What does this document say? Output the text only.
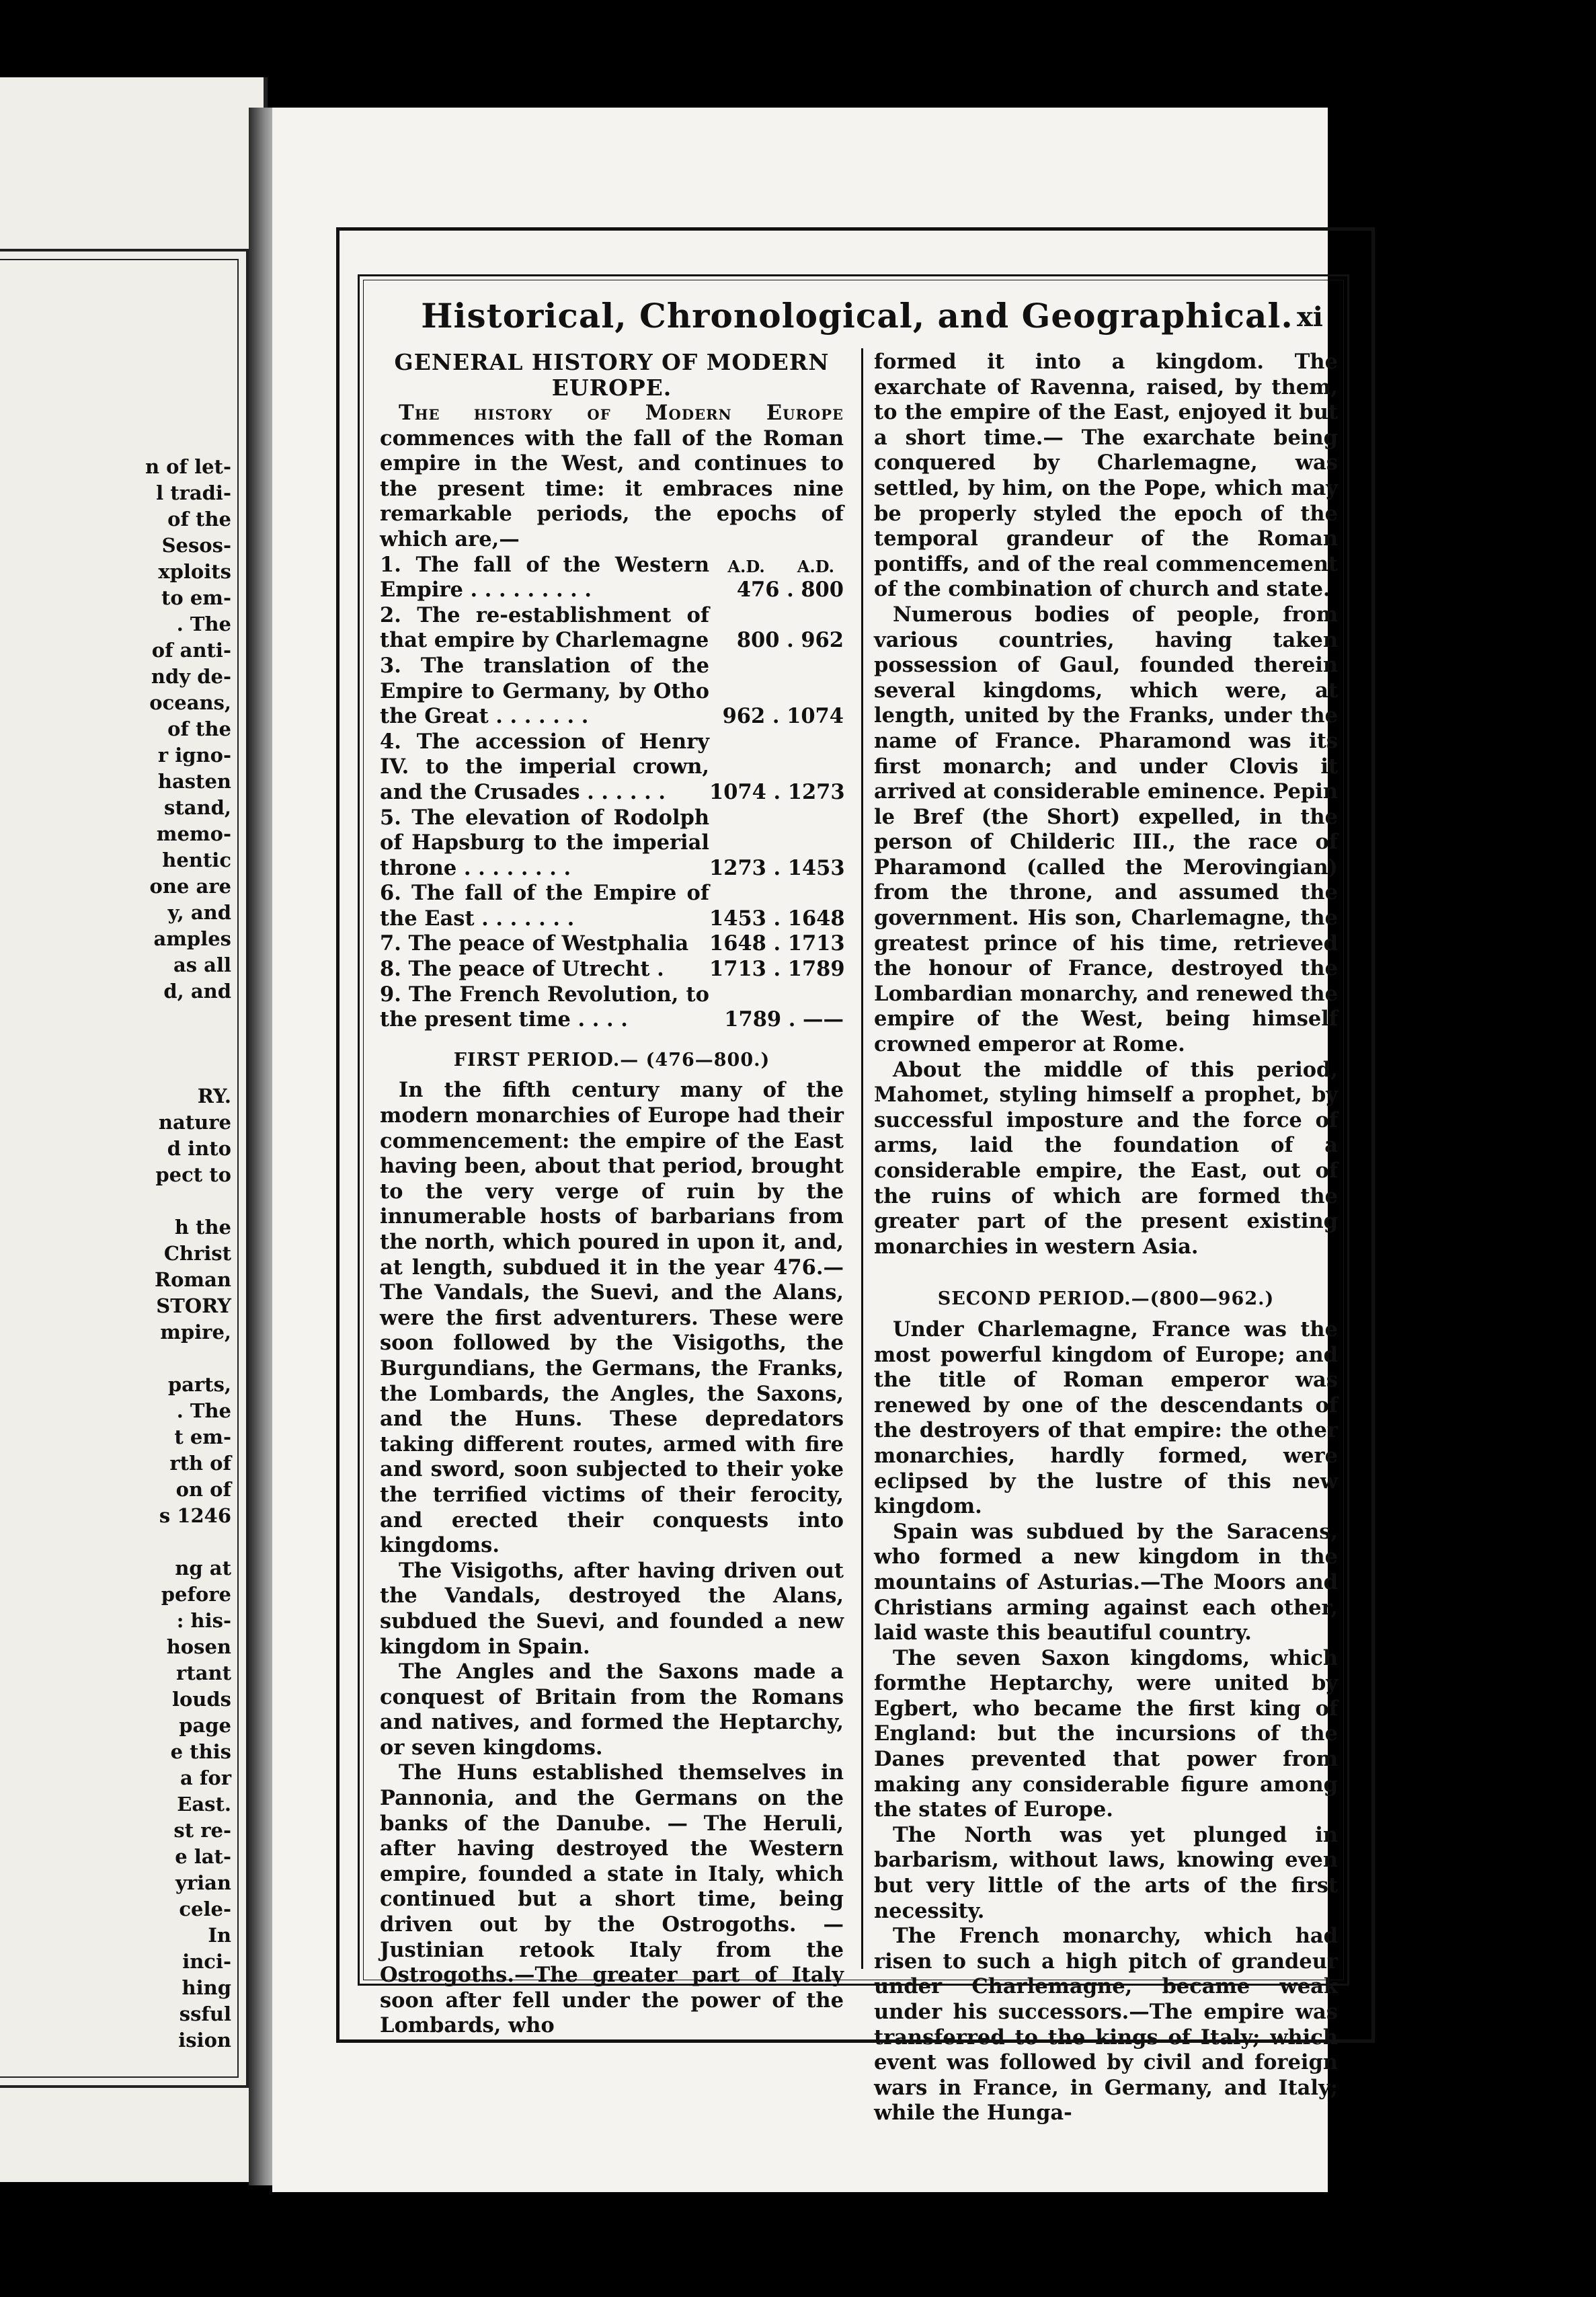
n of let-
l tradi-
of the
Sesos-
xploits
to em-
. The
of anti-
ndy de-
oceans,
of the
r igno-
hasten
stand,
memo-
hentic
one are
y, and
amples
as all
d, and
RY.
nature
d into
pect to
h the
Christ
Roman
STORY
mpire,
parts,
. The
t em-
rth of
on of
s 1246
ng at
pefore
: his-
hosen
rtant
louds
page
e this
a for
East.
st re-
e lat-
yrian
cele-
In
inci-
hing
ssful
ision
Historical, Chronological, and Geographical. xi
GENERAL HISTORY OF MODERN EUROPE.

The history of Modern Europe commences with the fall of the Roman empire in the West, and continues to the present time: it embraces nine remarkable periods, the epochs of which are,—

A.D. A.D.
1. The fall of the Western Empire . . . . . . . . .	476 . 800
2. The re-establishment of that empire by Charlemagne	800 . 962
3. The translation of the Empire to Germany, by Otho the Great . . . . . . .	962 . 1074
4. The accession of Henry IV. to the imperial crown, and the Crusades . . . . . .	1074 . 1273
5. The elevation of Rodolph of Hapsburg to the imperial throne . . . . . . . .	1273 . 1453
6. The fall of the Empire of the East . . . . . . .	1453 . 1648
7. The peace of Westphalia	1648 . 1713
8. The peace of Utrecht .	1713 . 1789
9. The French Revolution, to the present time . . . .	1789 . ——
FIRST PERIOD.— (476—800.)

In the fifth century many of the modern monarchies of Europe had their commencement: the empire of the East having been, about that period, brought to the very verge of ruin by the innumerable hosts of barbarians from the north, which poured in upon it, and, at length, subdued it in the year 476.—The Vandals, the Suevi, and the Alans, were the first adventurers. These were soon followed by the Visigoths, the Burgundians, the Germans, the Franks, the Lombards, the Angles, the Saxons, and the Huns. These depredators taking different routes, armed with fire and sword, soon subjected to their yoke the terrified victims of their ferocity, and erected their conquests into kingdoms.

The Visigoths, after having driven out the Vandals, destroyed the Alans, subdued the Suevi, and founded a new kingdom in Spain.

The Angles and the Saxons made a conquest of Britain from the Romans and natives, and formed the Heptarchy, or seven kingdoms.

The Huns established themselves in Pannonia, and the Germans on the banks of the Danube. — The Heruli, after having destroyed the Western empire, founded a state in Italy, which continued but a short time, being driven out by the Ostrogoths. —Justinian retook Italy from the Ostrogoths.—The greater part of Italy soon after fell under the power of the Lombards, who

formed it into a kingdom. The exarchate of Ravenna, raised, by them, to the empire of the East, enjoyed it but a short time.— The exarchate being conquered by Charlemagne, was settled, by him, on the Pope, which may be properly styled the epoch of the temporal grandeur of the Roman pontiffs, and of the real commencement of the combination of church and state.

Numerous bodies of people, from various countries, having taken possession of Gaul, founded therein several kingdoms, which were, at length, united by the Franks, under the name of France. Pharamond was its first monarch; and under Clovis it arrived at considerable eminence. Pepin le Bref (the Short) expelled, in the person of Childeric III., the race of Pharamond (called the Merovingian) from the throne, and assumed the government. His son, Charlemagne, the greatest prince of his time, retrieved the honour of France, destroyed the Lombardian monarchy, and renewed the empire of the West, being himself crowned emperor at Rome.

About the middle of this period, Mahomet, styling himself a prophet, by successful imposture and the force of arms, laid the foundation of a considerable empire, the East, out of the ruins of which are formed the greater part of the present existing monarchies in western Asia.

SECOND PERIOD.—(800—962.)

Under Charlemagne, France was the most powerful kingdom of Europe; and the title of Roman emperor was renewed by one of the descendants of the destroyers of that empire: the other monarchies, hardly formed, were eclipsed by the lustre of this new kingdom.

Spain was subdued by the Saracens, who formed a new kingdom in the mountains of Asturias.—The Moors and Christians arming against each other, laid waste this beautiful country.

The seven Saxon kingdoms, which formthe Heptarchy, were united by Egbert, who became the first king of England: but the incursions of the Danes prevented that power from making any considerable figure among the states of Europe.

The North was yet plunged in barbarism, without laws, knowing even but very little of the arts of the first necessity.

The French monarchy, which had risen to such a high pitch of grandeur under Charlemagne, became weak under his successors.—The empire was transferred to the kings of Italy; which event was followed by civil and foreign wars in France, in Germany, and Italy; while the Hunga-
